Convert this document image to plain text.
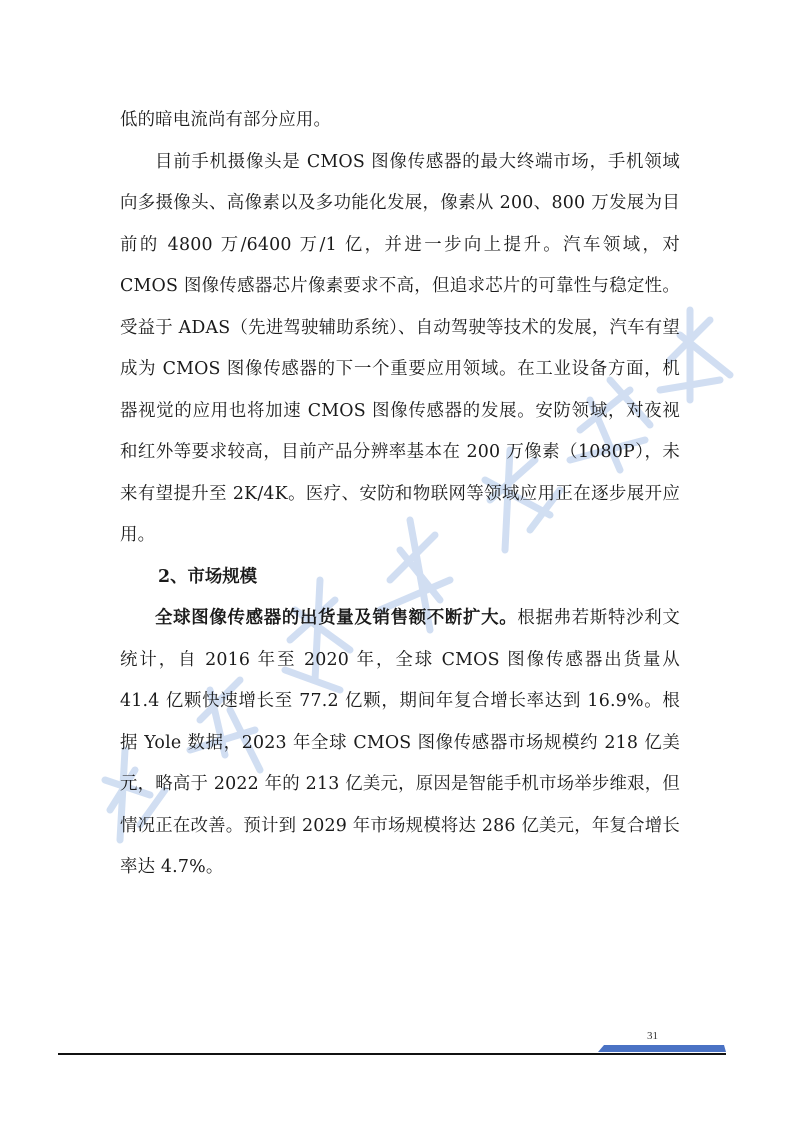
低的暗电流尚有部分应用。

目前手机摄像头是 CMOS 图像传感器的最大终端市场，手机领域向多摄像头、高像素以及多功能化发展，像素从 200、800 万发展为目前的 4800 万/6400 万/1 亿，并进一步向上提升。汽车领域，对 CMOS 图像传感器芯片像素要求不高，但追求芯片的可靠性与稳定性。受益于 ADAS（先进驾驶辅助系统）、自动驾驶等技术的发展，汽车有望成为 CMOS 图像传感器的下一个重要应用领域。在工业设备方面，机器视觉的应用也将加速 CMOS 图像传感器的发展。安防领域，对夜视和红外等要求较高，目前产品分辨率基本在 200 万像素（1080P），未来有望提升至 2K/4K。医疗、安防和物联网等领域应用正在逐步展开应用。

2、市场规模

全球图像传感器的出货量及销售额不断扩大。根据弗若斯特沙利文统计，自 2016 年至 2020 年，全球 CMOS 图像传感器出货量从 41.4 亿颗快速增长至 77.2 亿颗，期间年复合增长率达到 16.9%。根据 Yole 数据，2023 年全球 CMOS 图像传感器市场规模约 218 亿美元，略高于 2022 年的 213 亿美元，原因是智能手机市场举步维艰，但情况正在改善。预计到 2029 年市场规模将达 286 亿美元，年复合增长率达 4.7%。

31
